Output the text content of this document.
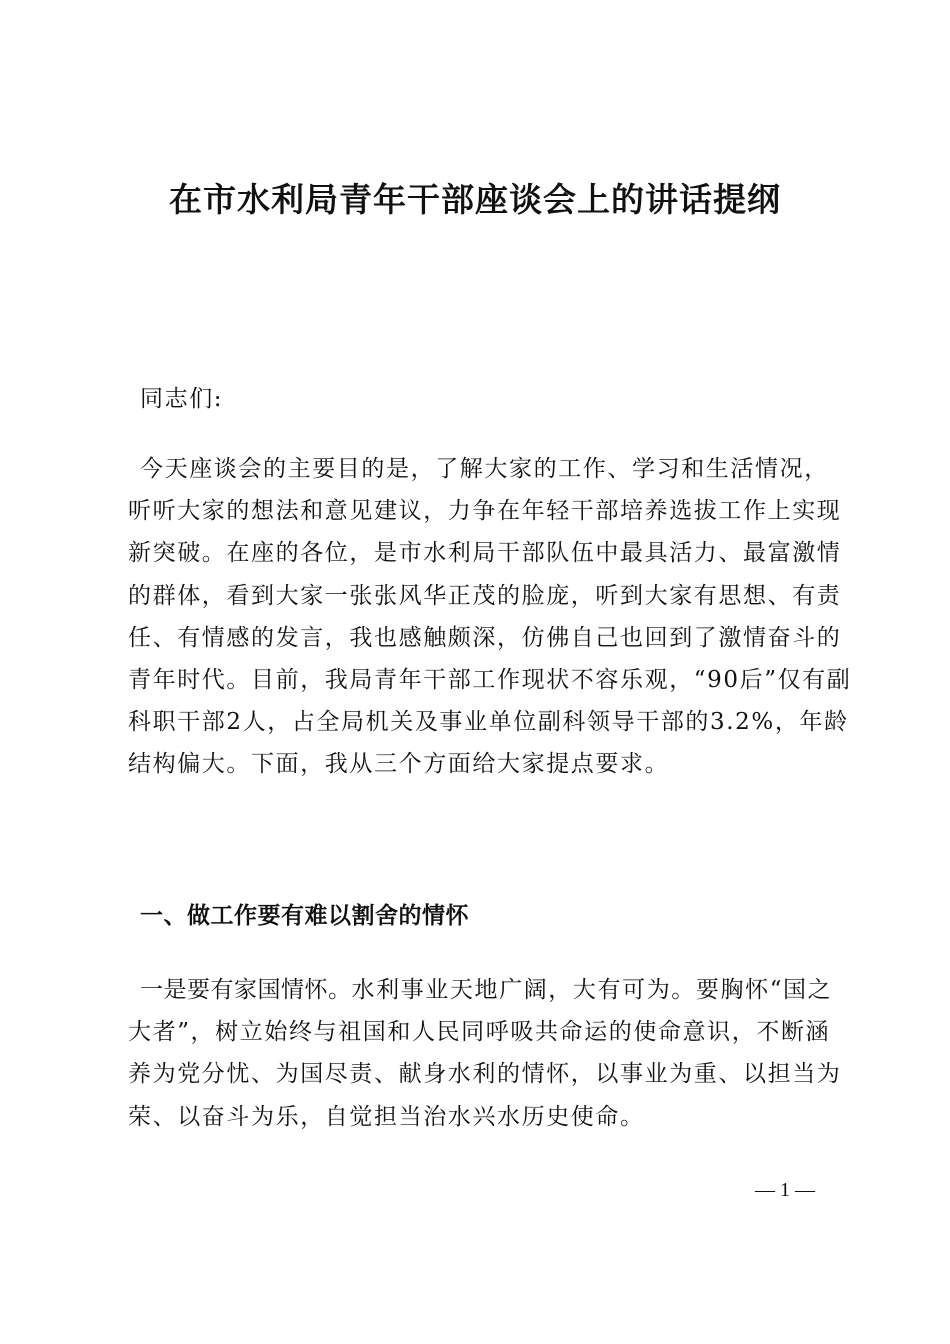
在市水利局青年干部座谈会上的讲话提纲

同志们:

今天座谈会的主要目的是，了解大家的工作、学习和生活情况，听听大家的想法和意见建议，力争在年轻干部培养选拔工作上实现新突破。在座的各位，是市水利局干部队伍中最具活力、最富激情的群体，看到大家一张张风华正茂的脸庞，听到大家有思想、有责任、有情感的发言，我也感触颇深，仿佛自己也回到了激情奋斗的青年时代。目前，我局青年干部工作现状不容乐观，“90后”仅有副科职干部2人，占全局机关及事业单位副科领导干部的3.2%，年龄结构偏大。下面，我从三个方面给大家提点要求。

一、做工作要有难以割舍的情怀

一是要有家国情怀。水利事业天地广阔，大有可为。要胸怀“国之大者”，树立始终与祖国和人民同呼吸共命运的使命意识，不断涵养为党分忧、为国尽责、献身水利的情怀，以事业为重、以担当为荣、以奋斗为乐，自觉担当治水兴水历史使命。

— 1 —
